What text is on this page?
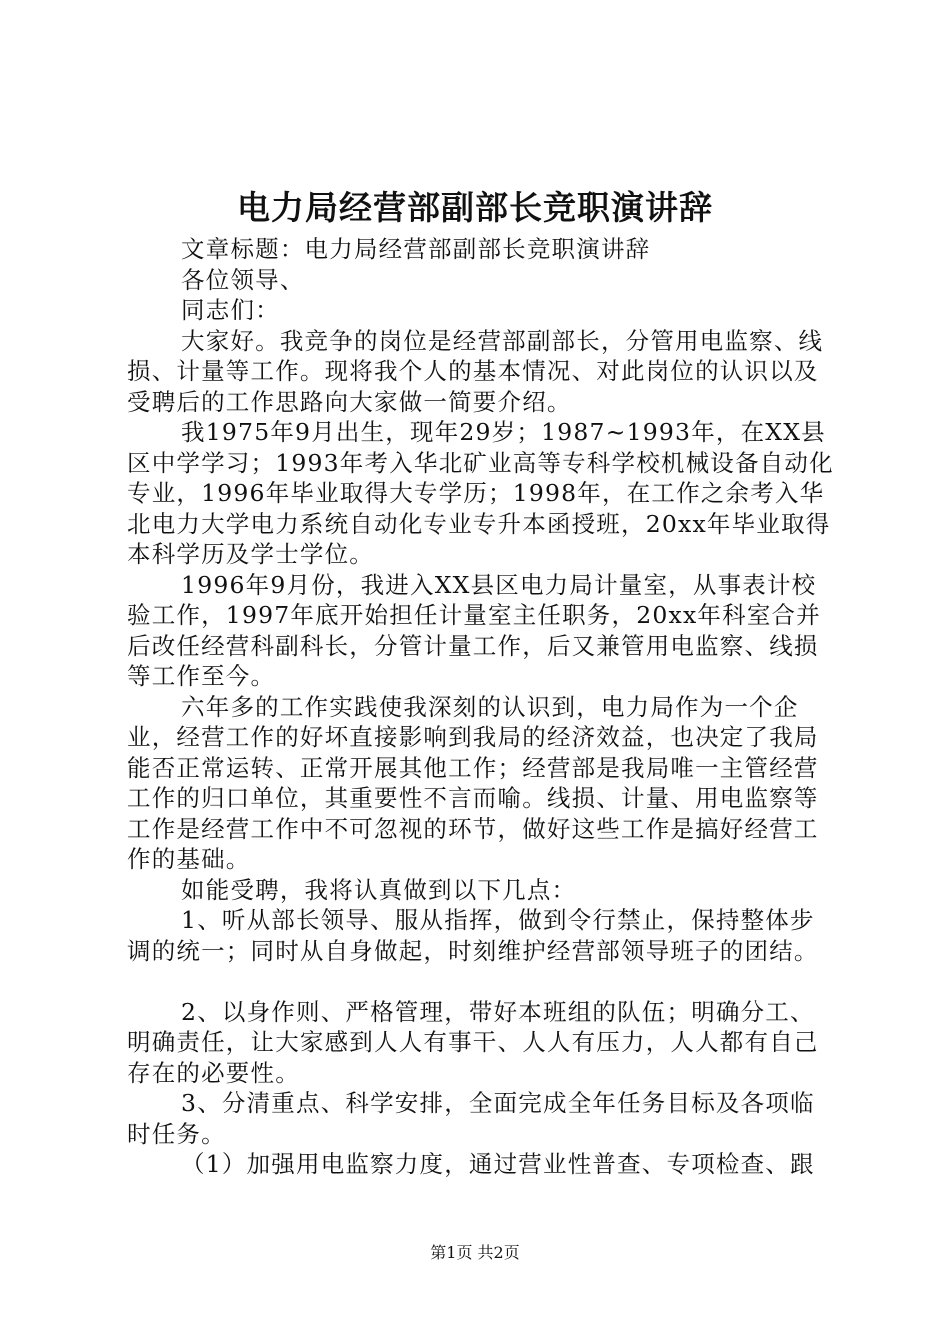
电力局经营部副部长竞职演讲辞

文章标题：电力局经营部副部长竞职演讲辞

各位领导、

同志们：

大家好。我竞争的岗位是经营部副部长，分管用电监察、线损、计量等工作。现将我个人的基本情况、对此岗位的认识以及受聘后的工作思路向大家做一简要介绍。

我1975年9月出生，现年29岁；1987~1993年，在XX县区中学学习；1993年考入华北矿业高等专科学校机械设备自动化专业，1996年毕业取得大专学历；1998年，在工作之余考入华北电力大学电力系统自动化专业专升本函授班，20xx年毕业取得本科学历及学士学位。

1996年9月份，我进入XX县区电力局计量室，从事表计校验工作，1997年底开始担任计量室主任职务，20xx年科室合并后改任经营科副科长，分管计量工作，后又兼管用电监察、线损等工作至今。

六年多的工作实践使我深刻的认识到，电力局作为一个企业，经营工作的好坏直接影响到我局的经济效益，也决定了我局能否正常运转、正常开展其他工作；经营部是我局唯一主管经营工作的归口单位，其重要性不言而喻。线损、计量、用电监察等工作是经营工作中不可忽视的环节，做好这些工作是搞好经营工作的基础。

如能受聘，我将认真做到以下几点：

1、听从部长领导、服从指挥，做到令行禁止，保持整体步调的统一；同时从自身做起，时刻维护经营部领导班子的团结。

2、以身作则、严格管理，带好本班组的队伍；明确分工、明确责任，让大家感到人人有事干、人人有压力，人人都有自己存在的必要性。

3、分清重点、科学安排，全面完成全年任务目标及各项临时任务。

（1）加强用电监察力度，通过营业性普查、专项检查、跟

第1页 共2页
